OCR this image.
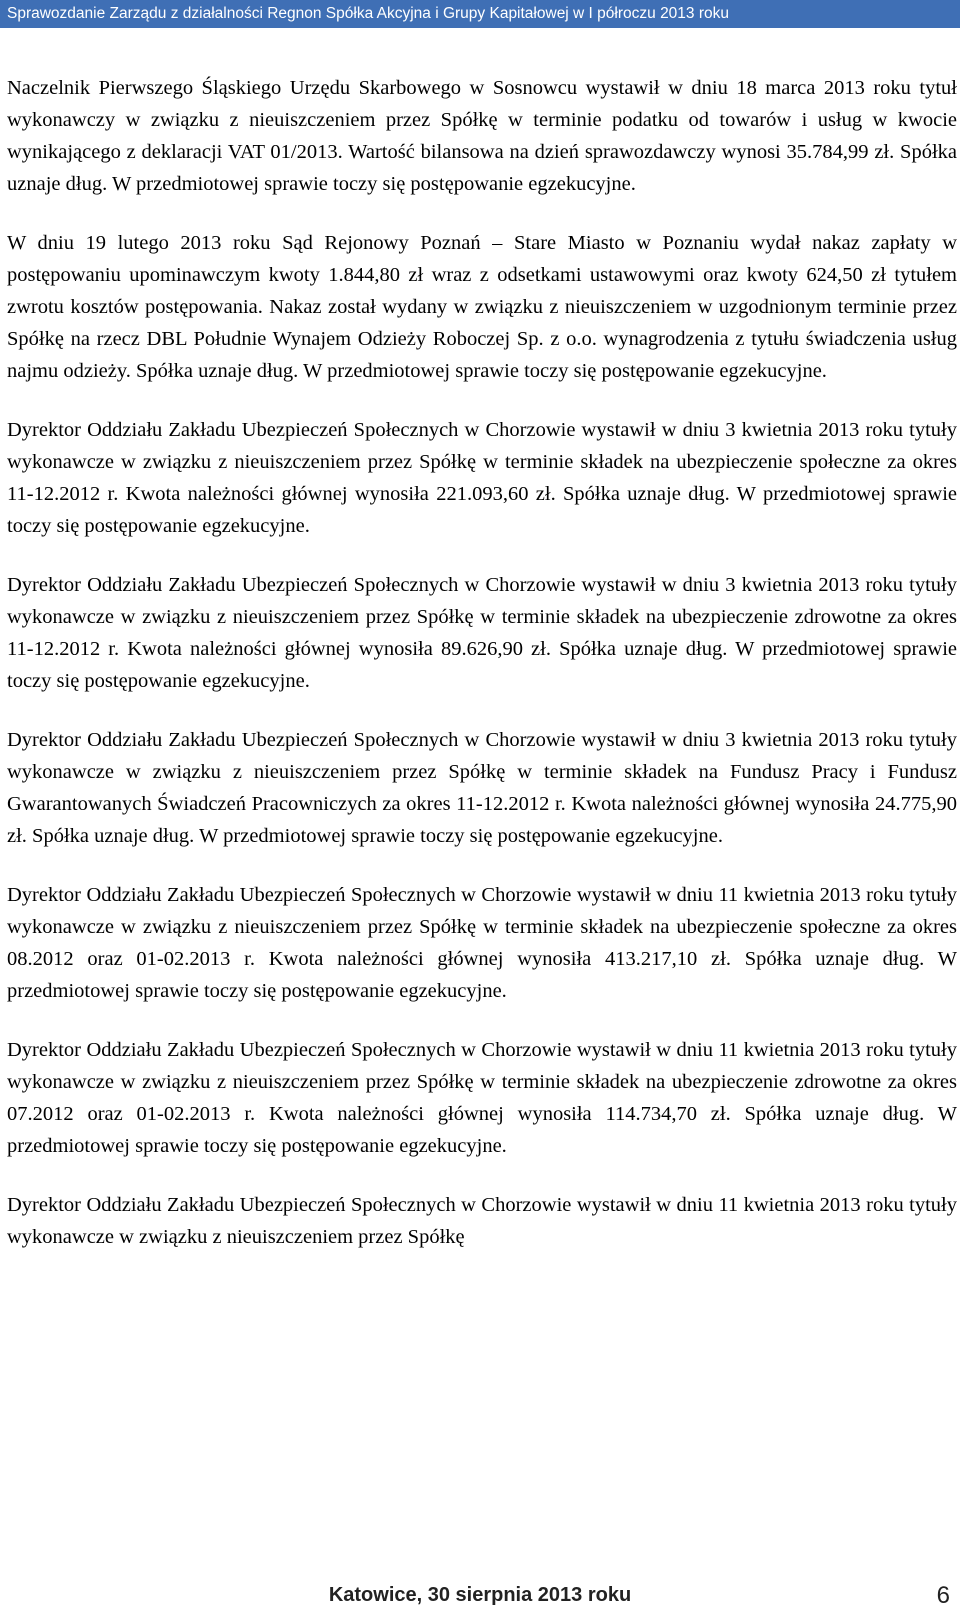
Sprawozdanie Zarządu z działalności Regnon Spółka Akcyjna i Grupy Kapitałowej w I półroczu 2013 roku

Naczelnik Pierwszego Śląskiego Urzędu Skarbowego w Sosnowcu wystawił w dniu 18 marca 2013 roku tytuł wykonawczy w związku z nieuiszczeniem przez Spółkę w terminie podatku od towarów i usług w kwocie wynikającego z deklaracji VAT 01/2013. Wartość bilansowa na dzień sprawozdawczy wynosi 35.784,99 zł. Spółka uznaje dług. W przedmiotowej sprawie toczy się postępowanie egzekucyjne.

W dniu 19 lutego 2013 roku Sąd Rejonowy Poznań – Stare Miasto w Poznaniu wydał nakaz zapłaty w postępowaniu upominawczym kwoty 1.844,80 zł wraz z odsetkami ustawowymi oraz kwoty 624,50 zł tytułem zwrotu kosztów postępowania. Nakaz został wydany w związku z nieuiszczeniem w uzgodnionym terminie przez Spółkę na rzecz DBL Południe Wynajem Odzieży Roboczej Sp. z o.o. wynagrodzenia z tytułu świadczenia usług najmu odzieży. Spółka uznaje dług. W przedmiotowej sprawie toczy się postępowanie egzekucyjne.

Dyrektor Oddziału Zakładu Ubezpieczeń Społecznych w Chorzowie wystawił w dniu 3 kwietnia 2013 roku tytuły wykonawcze w związku z nieuiszczeniem przez Spółkę w terminie składek na ubezpieczenie społeczne za okres 11-12.2012 r. Kwota należności głównej wynosiła 221.093,60 zł. Spółka uznaje dług. W przedmiotowej sprawie toczy się postępowanie egzekucyjne.

Dyrektor Oddziału Zakładu Ubezpieczeń Społecznych w Chorzowie wystawił w dniu 3 kwietnia 2013 roku tytuły wykonawcze w związku z nieuiszczeniem przez Spółkę w terminie składek na ubezpieczenie zdrowotne za okres 11-12.2012 r. Kwota należności głównej wynosiła 89.626,90 zł. Spółka uznaje dług. W przedmiotowej sprawie toczy się postępowanie egzekucyjne.

Dyrektor Oddziału Zakładu Ubezpieczeń Społecznych w Chorzowie wystawił w dniu 3 kwietnia 2013 roku tytuły wykonawcze w związku z nieuiszczeniem przez Spółkę w terminie składek na Fundusz Pracy i Fundusz Gwarantowanych Świadczeń Pracowniczych za okres 11-12.2012 r. Kwota należności głównej wynosiła 24.775,90 zł. Spółka uznaje dług. W przedmiotowej sprawie toczy się postępowanie egzekucyjne.

Dyrektor Oddziału Zakładu Ubezpieczeń Społecznych w Chorzowie wystawił w dniu 11 kwietnia 2013 roku tytuły wykonawcze w związku z nieuiszczeniem przez Spółkę w terminie składek na ubezpieczenie społeczne za okres 08.2012 oraz 01-02.2013 r. Kwota należności głównej wynosiła 413.217,10 zł. Spółka uznaje dług. W przedmiotowej sprawie toczy się postępowanie egzekucyjne.

Dyrektor Oddziału Zakładu Ubezpieczeń Społecznych w Chorzowie wystawił w dniu 11 kwietnia 2013 roku tytuły wykonawcze w związku z nieuiszczeniem przez Spółkę w terminie składek na ubezpieczenie zdrowotne za okres 07.2012 oraz 01-02.2013 r. Kwota należności głównej wynosiła 114.734,70 zł. Spółka uznaje dług. W przedmiotowej sprawie toczy się postępowanie egzekucyjne.

Dyrektor Oddziału Zakładu Ubezpieczeń Społecznych w Chorzowie wystawił w dniu 11 kwietnia 2013 roku tytuły wykonawcze w związku z nieuiszczeniem przez Spółkę

Katowice, 30 sierpnia 2013 roku	6
